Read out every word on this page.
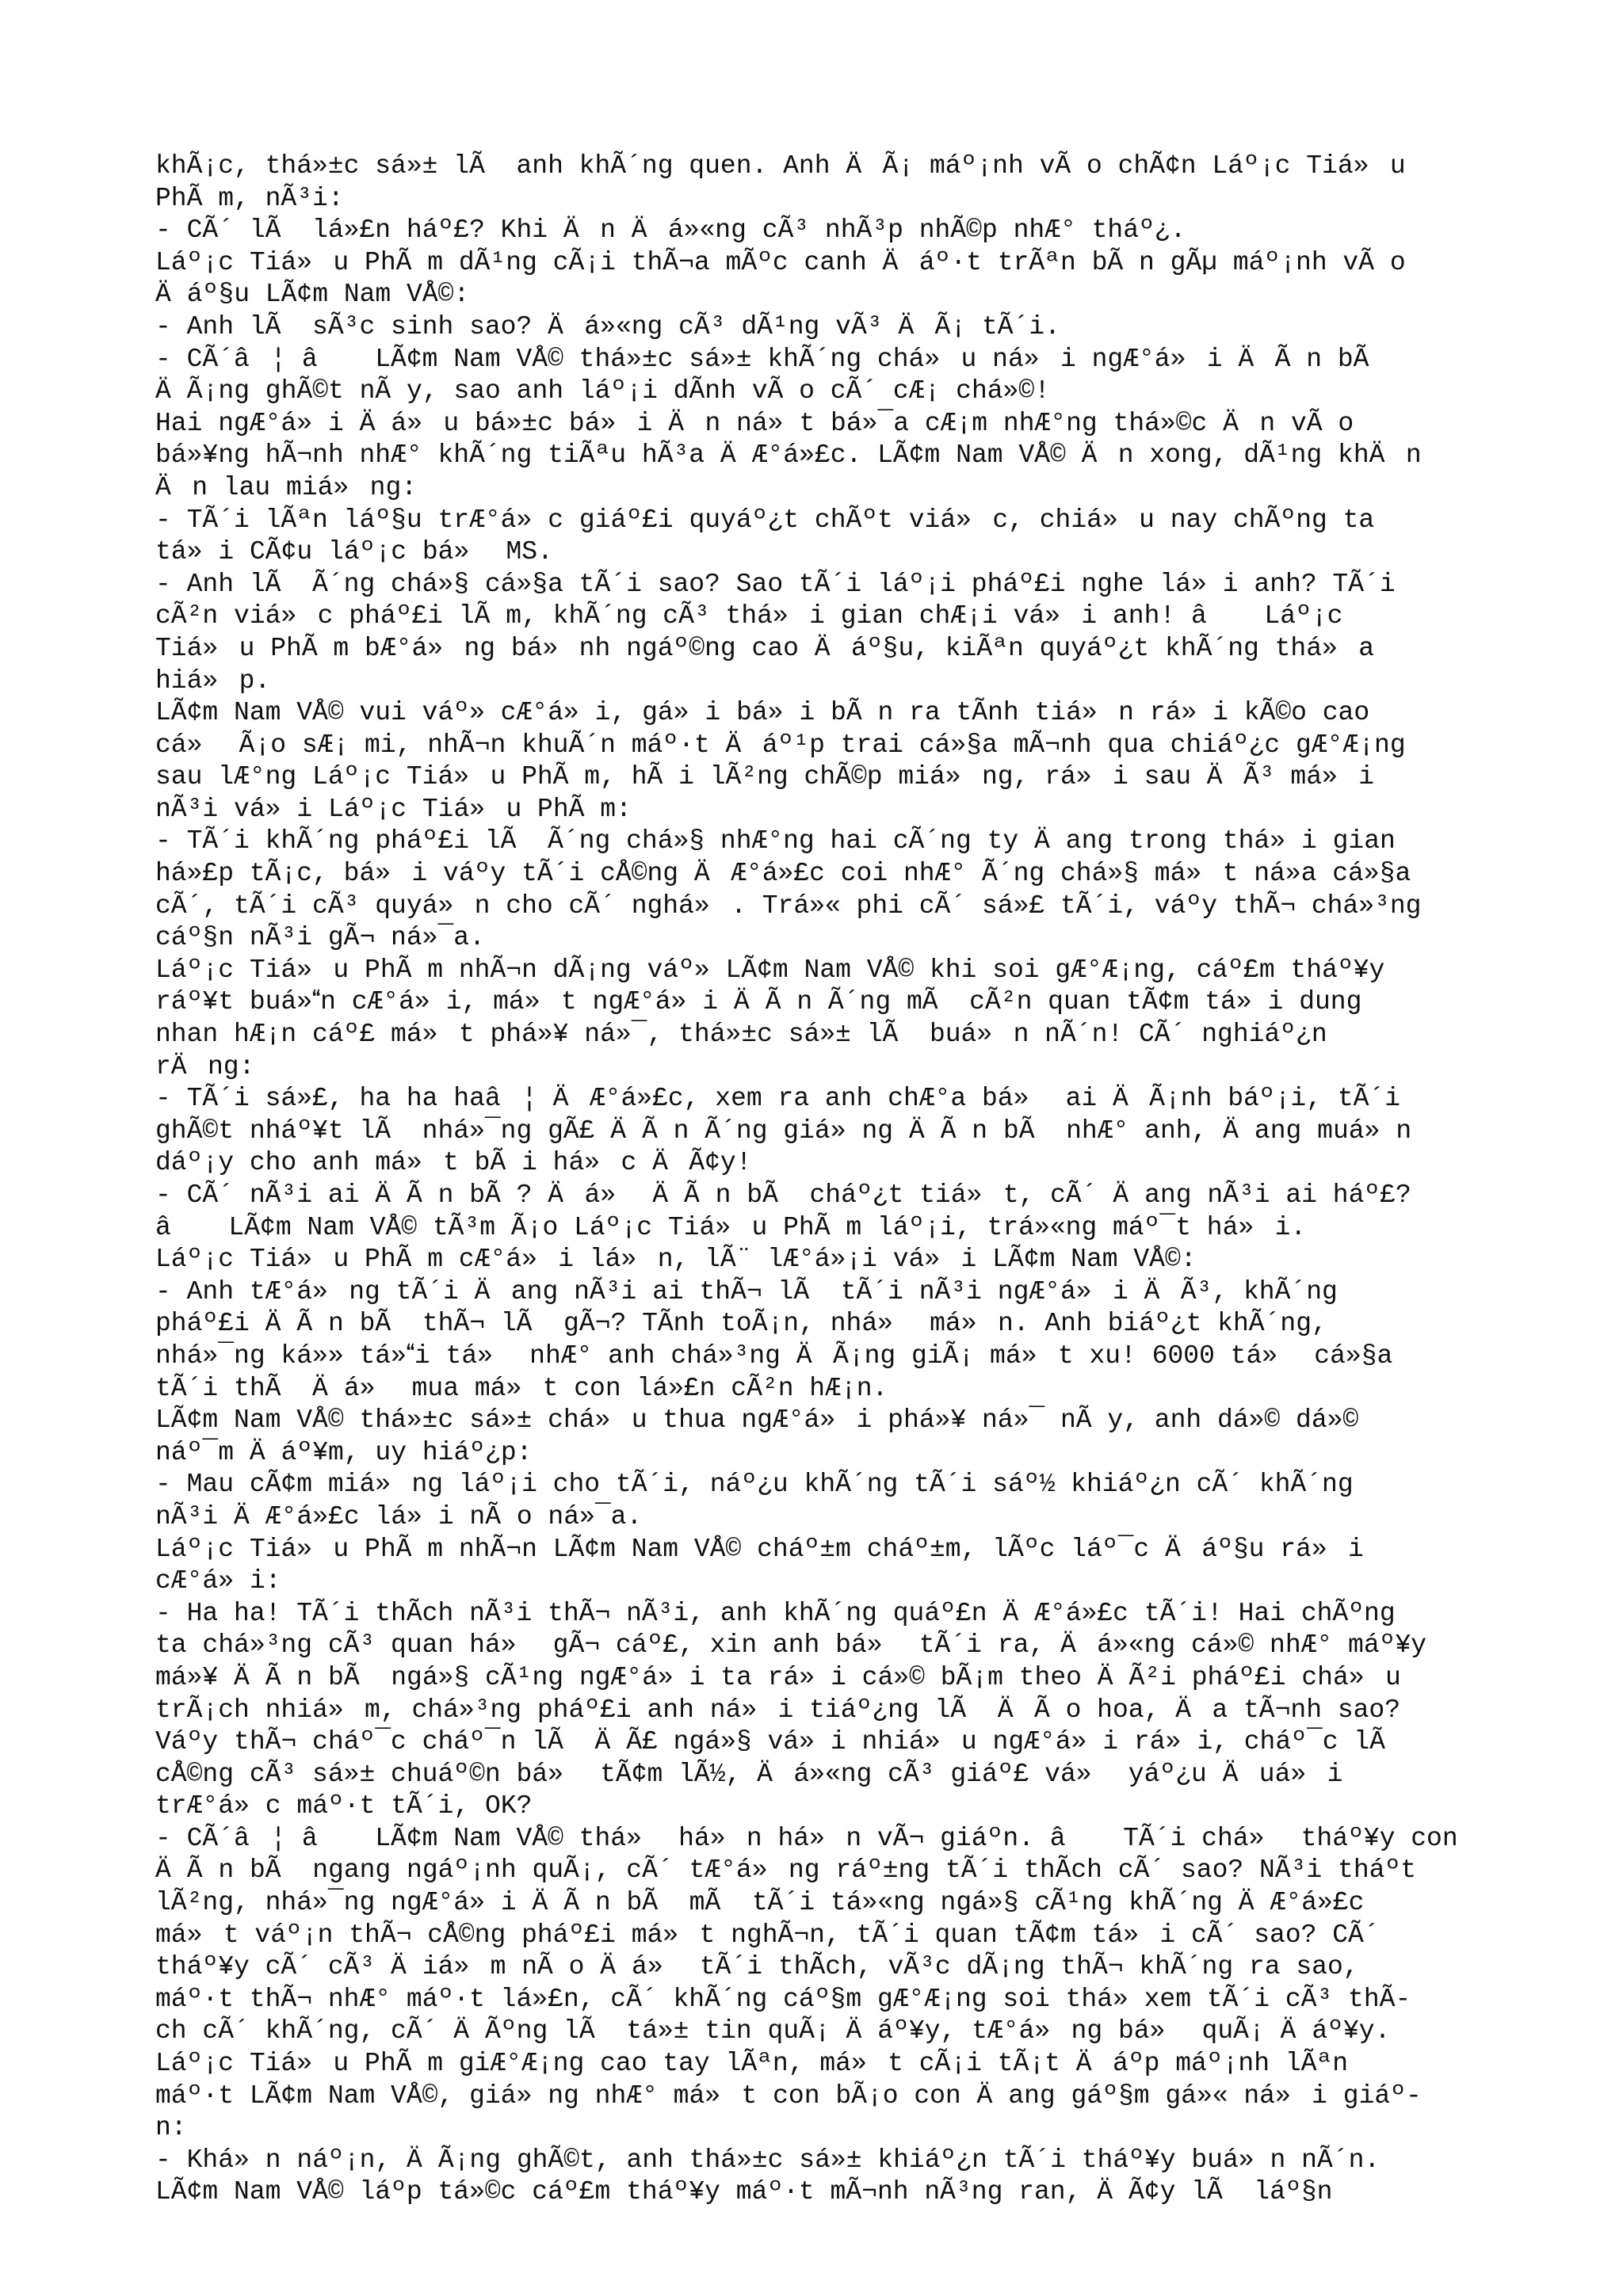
khÃ¡c, thá»±c sá»± lÃ  anh khÃ´ng quen. Anh ÄÃ¡ máº¡nh vÃ o chÃ¢n Láº¡c Tiá»u
PhÃ m, nÃ³i:
- CÃ´ lÃ  lá»£n háº£? Khi Än Äá»«ng cÃ³ nhÃ³p nhÃ©p nhÆ° tháº¿.
Láº¡c Tiá»u PhÃ m dÃ¹ng cÃ¡i thÃ¬a mÃºc canh Äáº·t trÃªn bÃ n gÃµ máº¡nh vÃ o
Äáº§u LÃ¢m Nam VÅ©:
- Anh lÃ  sÃ³c sinh sao? Äá»«ng cÃ³ dÃ¹ng vÃ³ ÄÃ¡ tÃ´i.
- CÃ´â¦ â LÃ¢m Nam VÅ© thá»±c sá»± khÃ´ng chá»u ná»i ngÆ°á»i ÄÃ n bÃ
ÄÃ¡ng ghÃ©t nÃ y, sao anh láº¡i dÃnh vÃ o cÃ´ cÆ¡ chá»©!
Hai ngÆ°á»i Äá»u bá»±c bá»i Än ná»t bá»¯a cÆ¡m nhÆ°ng thá»©c Än vÃ o
bá»¥ng hÃ¬nh nhÆ° khÃ´ng tiÃªu hÃ³a ÄÆ°á»£c. LÃ¢m Nam VÅ© Än xong, dÃ¹ng khÄn
Än lau miá»ng:
- TÃ´i lÃªn láº§u trÆ°á»c giáº£i quyáº¿t chÃºt viá»c, chiá»u nay chÃºng ta
tá»i CÃ¢u láº¡c bá» MS.
- Anh lÃ  Ã´ng chá»§ cá»§a tÃ´i sao? Sao tÃ´i láº¡i pháº£i nghe lá»i anh? TÃ´i
cÃ²n viá»c pháº£i lÃ m, khÃ´ng cÃ³ thá»i gian chÆ¡i vá»i anh! â Láº¡c
Tiá»u PhÃ m bÆ°á»ng bá»nh ngáº©ng cao Äáº§u, kiÃªn quyáº¿t khÃ´ng thá»a
hiá»p.
LÃ¢m Nam VÅ© vui váº» cÆ°á»i, gá»i bá»i bÃ n ra tÃnh tiá»n rá»i kÃ©o cao
cá» Ã¡o sÆ¡ mi, nhÃ¬n khuÃ´n máº·t Äáº¹p trai cá»§a mÃ¬nh qua chiáº¿c gÆ°Æ¡ng
sau lÆ°ng Láº¡c Tiá»u PhÃ m, hÃ i lÃ²ng chÃ©p miá»ng, rá»i sau ÄÃ³ má»i
nÃ³i vá»i Láº¡c Tiá»u PhÃ m:
- TÃ´i khÃ´ng pháº£i lÃ  Ã´ng chá»§ nhÆ°ng hai cÃ´ng ty Äang trong thá»i gian
há»£p tÃ¡c, bá»i váºy tÃ´i cÅ©ng ÄÆ°á»£c coi nhÆ° Ã´ng chá»§ má»t ná»a cá»§a
cÃ´, tÃ´i cÃ³ quyá»n cho cÃ´ nghá». Trá»« phi cÃ´ sá»£ tÃ´i, váºy thÃ¬ chá»³ng
cáº§n nÃ³i gÃ¬ ná»¯a.
Láº¡c Tiá»u PhÃ m nhÃ¬n dÃ¡ng váº» LÃ¢m Nam VÅ© khi soi gÆ°Æ¡ng, cáº£m tháº¥y
ráº¥t buá»n cÆ°á»i, má»t ngÆ°á»i ÄÃ n Ã´ng mÃ  cÃ²n quan tÃ¢m tá»i dung
nhan hÆ¡n cáº£ má»t phá»¥ ná»¯, thá»±c sá»± lÃ  buá»n nÃ´n! CÃ´ nghiáº¿n
rÄng:
- TÃ´i sá»£, ha ha haâ¦ ÄÆ°á»£c, xem ra anh chÆ°a bá» ai ÄÃ¡nh báº¡i, tÃ´i
ghÃ©t nháº¥t lÃ  nhá»¯ng gÃ£ ÄÃ n Ã´ng giá»ng ÄÃ n bÃ  nhÆ° anh, Äang muá»n
dáº¡y cho anh má»t bÃ i há»c ÄÃ¢y!
- CÃ´ nÃ³i ai ÄÃ n bÃ ? Äá» ÄÃ n bÃ  cháº¿t tiá»t, cÃ´ Äang nÃ³i ai háº£?
â LÃ¢m Nam VÅ© tÃ³m Ã¡o Láº¡c Tiá»u PhÃ m láº¡i, trá»«ng máº¯t há»i.
Láº¡c Tiá»u PhÃ m cÆ°á»i lá»n, lÃ¨ lÆ°á»¡i vá»i LÃ¢m Nam VÅ©:
- Anh tÆ°á»ng tÃ´i Äang nÃ³i ai thÃ¬ lÃ  tÃ´i nÃ³i ngÆ°á»i ÄÃ³, khÃ´ng
pháº£i ÄÃ n bÃ  thÃ¬ lÃ  gÃ¬? TÃnh toÃ¡n, nhá» má»n. Anh biáº¿t khÃ´ng,
nhá»¯ng ká»» tá»i tá» nhÆ° anh chá»³ng ÄÃ¡ng giÃ¡ má»t xu! 6000 tá» cá»§a
tÃ´i thÃ  Äá» mua má»t con lá»£n cÃ²n hÆ¡n.
LÃ¢m Nam VÅ© thá»±c sá»± chá»u thua ngÆ°á»i phá»¥ ná»¯ nÃ y, anh dá»© dá»©
náº¯m Äáº¥m, uy hiáº¿p:
- Mau cÃ¢m miá»ng láº¡i cho tÃ´i, náº¿u khÃ´ng tÃ´i sáº½ khiáº¿n cÃ´ khÃ´ng
nÃ³i ÄÆ°á»£c lá»i nÃ o ná»¯a.
Láº¡c Tiá»u PhÃ m nhÃ¬n LÃ¢m Nam VÅ© cháº±m cháº±m, lÃºc láº¯c Äáº§u rá»i
cÆ°á»i:
- Ha ha! TÃ´i thÃch nÃ³i thÃ¬ nÃ³i, anh khÃ´ng quáº£n ÄÆ°á»£c tÃ´i! Hai chÃºng
ta chá»³ng cÃ³ quan há» gÃ¬ cáº£, xin anh bá» tÃ´i ra, Äá»«ng cá»© nhÆ° máº¥y
má»¥ ÄÃ n bÃ  ngá»§ cÃ¹ng ngÆ°á»i ta rá»i cá»© bÃ¡m theo ÄÃ²i pháº£i chá»u
trÃ¡ch nhiá»m, chá»³ng pháº£i anh ná»i tiáº¿ng lÃ  ÄÃ o hoa, Äa tÃ¬nh sao?
Váºy thÃ¬ cháº¯c cháº¯n lÃ  ÄÃ£ ngá»§ vá»i nhiá»u ngÆ°á»i rá»i, cháº¯c lÃ
cÅ©ng cÃ³ sá»± chuáº©n bá» tÃ¢m lÃ½, Äá»«ng cÃ³ giáº£ vá» yáº¿u Äuá»i
trÆ°á»c máº·t tÃ´i, OK?
- CÃ´â¦ â LÃ¢m Nam VÅ© thá» há»n há»n vÃ¬ giáºn. â TÃ´i chá» tháº¥y con
ÄÃ n bÃ  ngang ngáº¡nh quÃ¡, cÃ´ tÆ°á»ng ráº±ng tÃ´i thÃch cÃ´ sao? NÃ³i tháºt
lÃ²ng, nhá»¯ng ngÆ°á»i ÄÃ n bÃ  mÃ  tÃ´i tá»«ng ngá»§ cÃ¹ng khÃ´ng ÄÆ°á»£c
má»t váº¡n thÃ¬ cÅ©ng pháº£i má»t nghÃ¬n, tÃ´i quan tÃ¢m tá»i cÃ´ sao? CÃ´
tháº¥y cÃ´ cÃ³ Äiá»m nÃ o Äá» tÃ´i thÃch, vÃ³c dÃ¡ng thÃ¬ khÃ´ng ra sao,
máº·t thÃ¬ nhÆ° máº·t lá»£n, cÃ´ khÃ´ng cáº§m gÆ°Æ¡ng soi thá» xem tÃ´i cÃ³ thÃ-
ch cÃ´ khÃ´ng, cÃ´ ÄÃºng lÃ  tá»± tin quÃ¡ Äáº¥y, tÆ°á»ng bá» quÃ¡ Äáº¥y.
Láº¡c Tiá»u PhÃ m giÆ°Æ¡ng cao tay lÃªn, má»t cÃ¡i tÃ¡t Äáºp máº¡nh lÃªn
máº·t LÃ¢m Nam VÅ©, giá»ng nhÆ° má»t con bÃ¡o con Äang gáº§m gá»« ná»i giáº-
n:
- Khá»n náº¡n, ÄÃ¡ng ghÃ©t, anh thá»±c sá»± khiáº¿n tÃ´i tháº¥y buá»n nÃ´n.
LÃ¢m Nam VÅ© láºp tá»©c cáº£m tháº¥y máº·t mÃ¬nh nÃ³ng ran, ÄÃ¢y lÃ  láº§n
